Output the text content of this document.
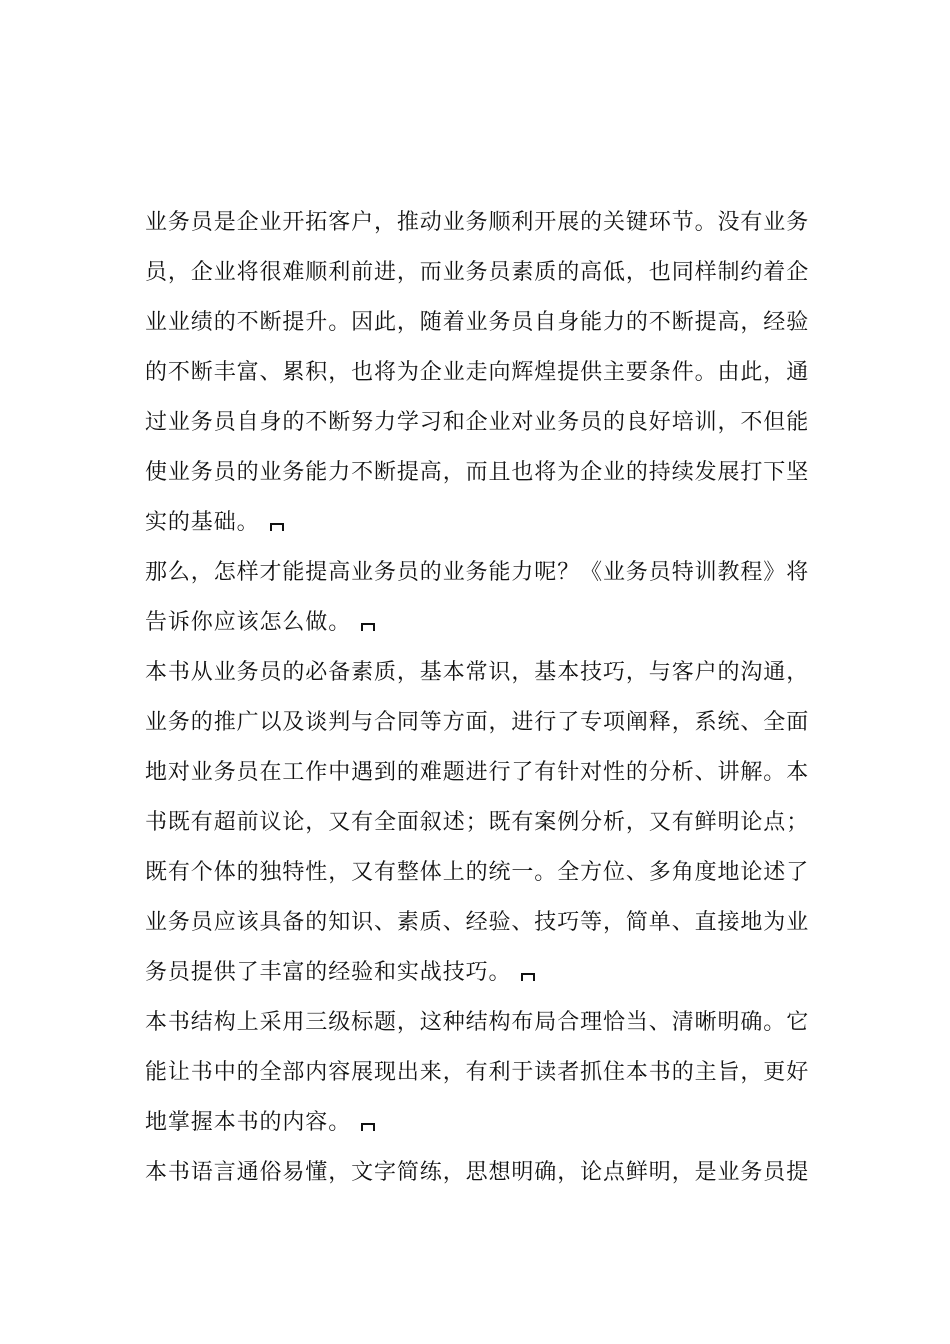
业务员是企业开拓客户，推动业务顺利开展的关键环节。没有业务
员，企业将很难顺利前进，而业务员素质的高低，也同样制约着企
业业绩的不断提升。因此，随着业务员自身能力的不断提高，经验
的不断丰富、累积，也将为企业走向辉煌提供主要条件。由此，通
过业务员自身的不断努力学习和企业对业务员的良好培训，不但能
使业务员的业务能力不断提高，而且也将为企业的持续发展打下坚
实的基础。

那么，怎样才能提高业务员的业务能力呢？《业务员特训教程》将
告诉你应该怎么做。

本书从业务员的必备素质，基本常识，基本技巧，与客户的沟通，
业务的推广以及谈判与合同等方面，进行了专项阐释，系统、全面
地对业务员在工作中遇到的难题进行了有针对性的分析、讲解。本
书既有超前议论，又有全面叙述；既有案例分析，又有鲜明论点；
既有个体的独特性，又有整体上的统一。全方位、多角度地论述了
业务员应该具备的知识、素质、经验、技巧等，简单、直接地为业
务员提供了丰富的经验和实战技巧。

本书结构上采用三级标题，这种结构布局合理恰当、清晰明确。它
能让书中的全部内容展现出来，有利于读者抓住本书的主旨，更好
地掌握本书的内容。

本书语言通俗易懂，文字简练，思想明确，论点鲜明，是业务员提
